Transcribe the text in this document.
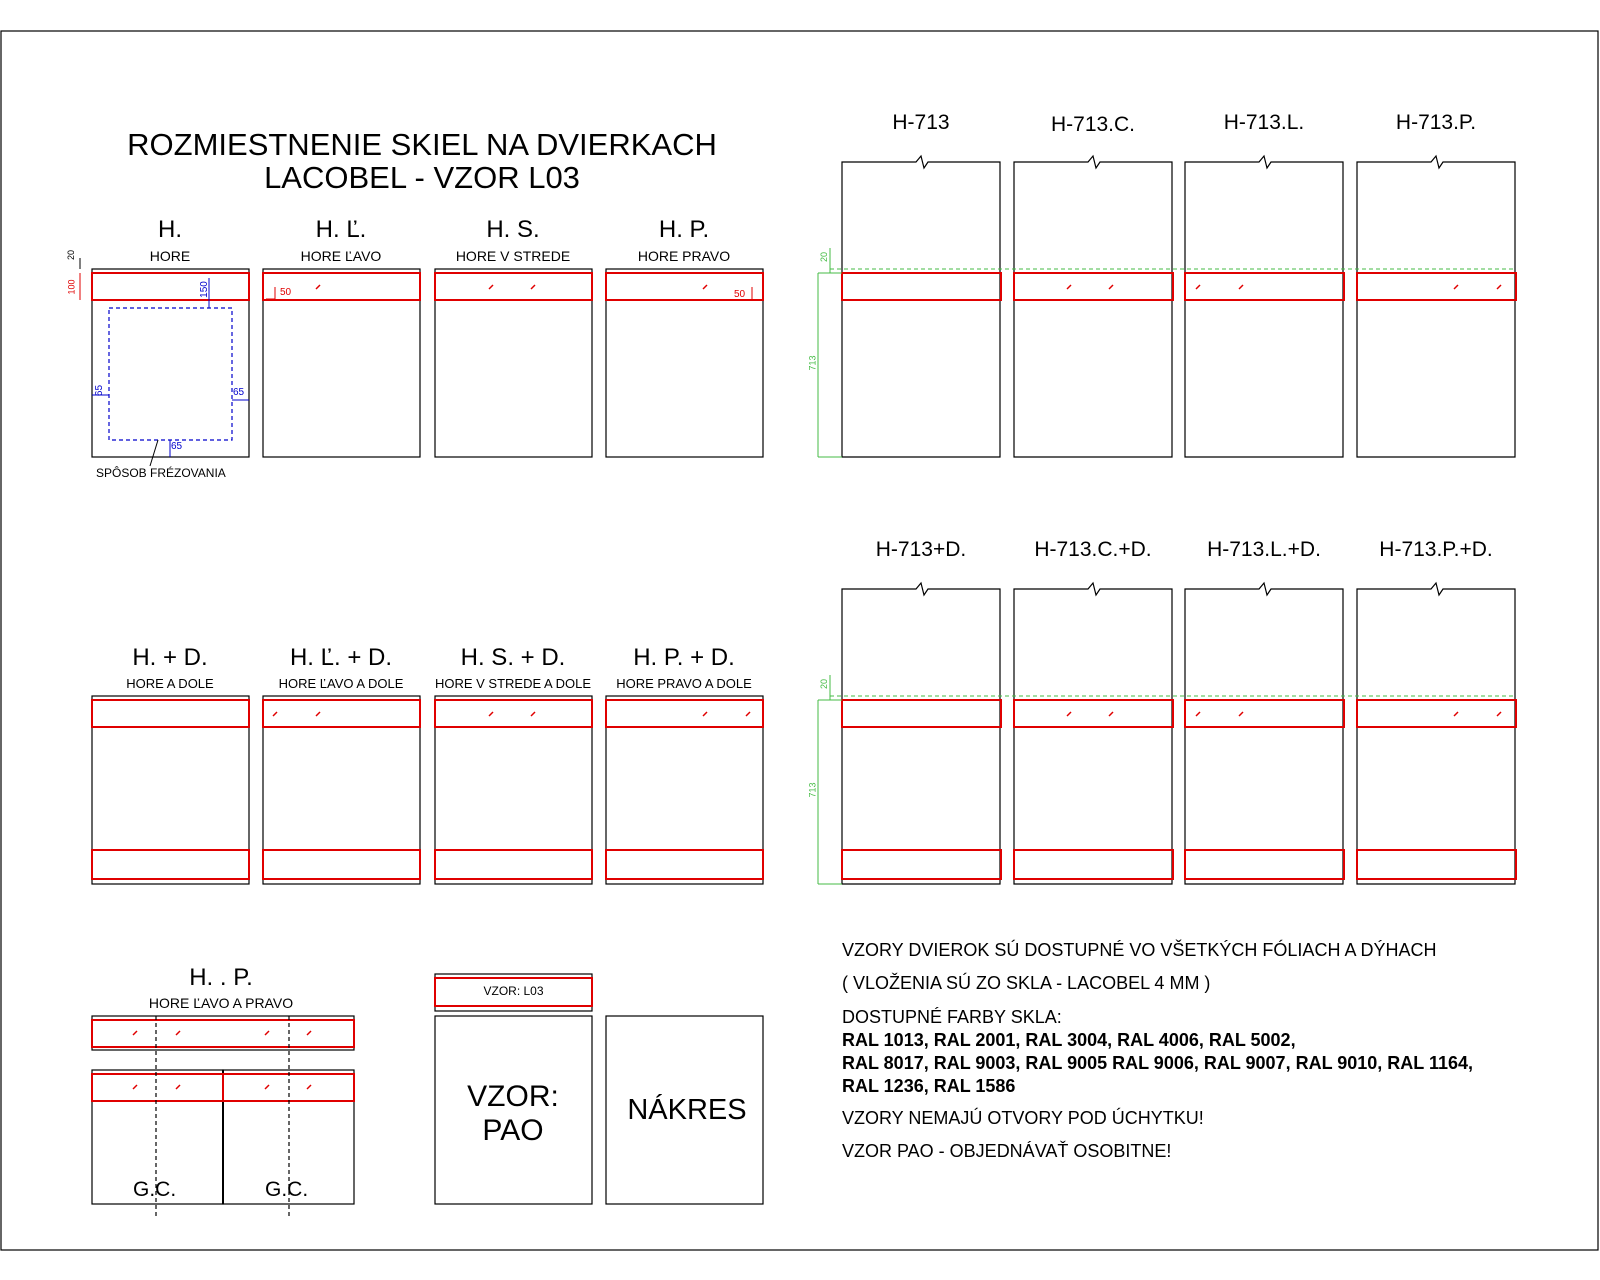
ROZMIESTNENIE SKIEL NA DVIERKACH
LACOBEL - VZOR L03
H.
HORE
H. Ľ.
HORE ĽAVO
H. S.
HORE V STREDE
H. P.
HORE PRAVO
20
100	150
65	65
65
50	50
SPÔSOB FRÉZOVANIA
20
713
20
713
H-713	H-713.C.	H-713.L.	H-713.P.
H-713+D.	H-713.C.+D.	H-713.L.+D.	H-713.P.+D.
H. + D.
HORE A DOLE
H. Ľ. + D.
HORE ĽAVO A DOLE
H. S. + D.
HORE V STREDE A DOLE
H. P. + D.
HORE PRAVO A DOLE
H. . P.
HORE ĽAVO A PRAVO
G.C.	G.C.
VZOR: L03
VZOR:
PAO
NÁKRES
VZORY DVIEROK SÚ DOSTUPNÉ VO VŠETKÝCH FÓLIACH A DÝHACH
( VLOŽENIA SÚ ZO SKLA - LACOBEL 4 MM )
DOSTUPNÉ FARBY SKLA:
RAL 1013, RAL 2001, RAL 3004, RAL 4006, RAL 5002,
RAL 8017, RAL 9003, RAL 9005 RAL 9006, RAL 9007, RAL 9010, RAL 1164,
RAL 1236, RAL 1586
VZORY NEMAJÚ OTVORY POD ÚCHYTKU!
VZOR PAO - OBJEDNÁVAŤ OSOBITNE!
